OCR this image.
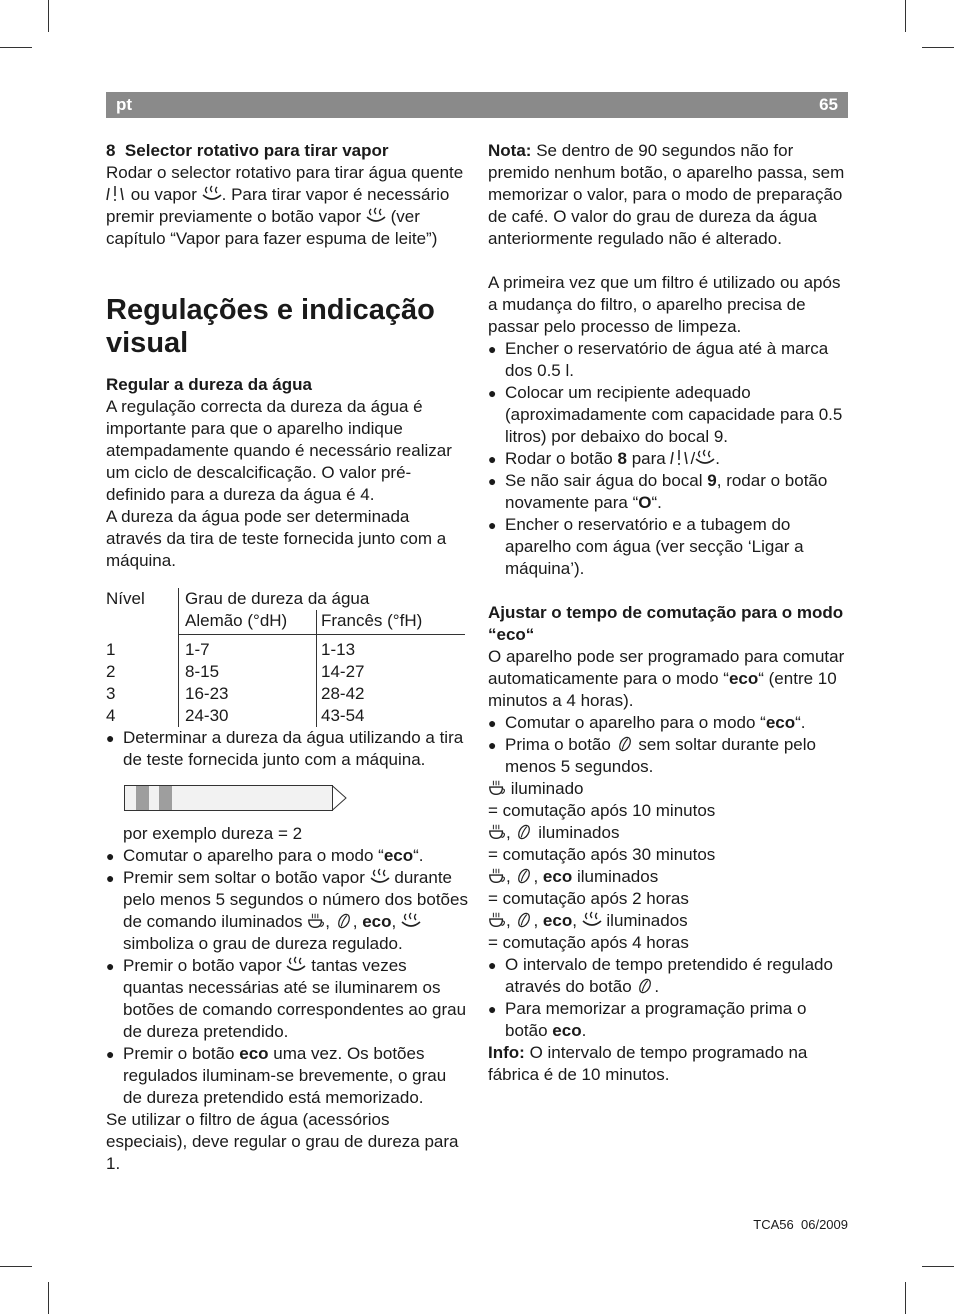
pt	65

8 Selector rotativo para tirar vapor

Rodar o selector rotativo para tirar água quente  ou vapor . Para tirar vapor é necessário premir previamente o botão vapor (ver capítulo “Vapor para fazer espuma de leite”)

Regulações e indicação visual

Regular a dureza da água

A regulação correcta da dureza da água é importante para que o aparelho indique atempadamente quando é necessário realizar um ciclo de descalcificação. O valor pré-definido para a dureza da água é 4.

A dureza da água pode ser determinada através da tira de teste fornecida junto com a máquina.

Nível	Grau de dureza da água	
	Alemão (°dH)	Francês (°fH)
1	1-7	1-13
2	8-15	14-27
3	16-23	28-42
4	24-30	43-54
● Determinar a dureza da água utilizando a tira de teste fornecida junto com a máquina.

por exemplo dureza = 2

● Comutar o aparelho para o modo “eco“.
● Premir sem soltar o botão vapor durante pelo menos 5 segundos o número dos botões de comando iluminados , , eco,  simboliza o grau de dureza regulado.
● Premir o botão vapor tantas vezes quantas necessárias até se iluminarem os botões de comando correspondentes ao grau de dureza pretendido.
● Premir o botão eco uma vez. Os botões regulados iluminam-se brevemente, o grau de dureza pretendido está memorizado.

Se utilizar o filtro de água (acessórios especiais), deve regular o grau de dureza para 1.

Nota: Se dentro de 90 segundos não for premido nenhum botão, o aparelho passa, sem memorizar o valor, para o modo de preparação de café. O valor do grau de dureza da água anteriormente regulado não é alterado.

A primeira vez que um filtro é utilizado ou após a mudança do filtro, o aparelho precisa de passar pelo processo de limpeza.

● Encher o reservatório de água até à marca dos 0.5 l.
● Colocar um recipiente adequado (aproximadamente com capacidade para 0.5 litros) por debaixo do bocal 9.
● Rodar o botão 8 para / .
● Se não sair água do bocal 9, rodar o botão novamente para “O“.
● Encher o reservatório e a tubagem do aparelho com água (ver secção ‘Ligar a máquina’).

Ajustar o tempo de comutação para o modo “eco“

O aparelho pode ser programado para comutar automaticamente para o modo “eco“ (entre 10 minutos a 4 horas).

● Comutar o aparelho para o modo “eco“.
● Prima o botão sem soltar durante pelo menos 5 segundos.

iluminado

= comutação após 10 minutos

,  iluminados

= comutação após 30 minutos

, , eco iluminados

= comutação após 2 horas

, , eco,  iluminados

= comutação após 4 horas

● O intervalo de tempo pretendido é regulado através do botão .
● Para memorizar a programação prima o botão eco.

Info: O intervalo de tempo programado na fábrica é de 10 minutos.

TCA56 06/2009
